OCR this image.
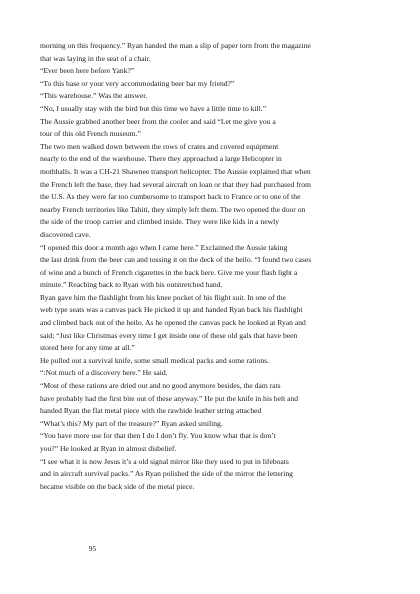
morning on this frequency.” Ryan handed the man a slip of paper torn from the magazine
that was laying in the seat of a chair.
“Ever been here before Yank?”
“To this base or your very accommodating beer bar my friend?”
“This warehouse.” Was the answer.
“No, I usually stay with the bird but this time we have a little time to kill.”
The Aussie grabbed another beer from the cooler and said “Let me give you a
tour of this old French museum.”
The two men walked down between the rows of crates and covered equipment
nearly to the end of the warehouse. There they approached a large Helicopter in
mothballs. It was a CH-21 Shawnee transport helicopter. The Aussie explained that when
the French left the base, they had several aircraft on loan or that they had purchased from
the U.S. As they were far too cumbersome to transport back to France or to one of the
nearby French territories like Tahiti, they simply left them. The two opened the door on
the side of the troop carrier and climbed inside. They were like kids in a newly
discovered cave.
“I opened this door a month ago when I came here.” Exclaimed the Aussie taking
the last drink from the beer can and tossing it on the deck of the heilo. “I found two cases
of wine and a bunch of French cigarettes in the back here. Give me your flash light a
minute.” Reaching back to Ryan with his outstretched hand.
Ryan gave him the flashlight from his knee pocket of his flight suit. In one of the
web type seats was a canvas pack He picked it up and handed Ryan back his flashlight
and climbed back out of the heilo. As he opened the canvas pack he looked at Ryan and
said; “Just like Christmas every time I get inside one of these old gals that have been
stored here for any time at all.”
He pulled out a survival knife, some small medical packs and some rations.
“:Not much of a discovery here.” He said.
“Most of these rations are dried out and no good anymore besides, the dam rats
have probably had the first bite out of these anyway.” He put the knife in his belt and
handed Ryan the flat metal piece with the rawhide leather string attached
“What’s this? My part of the treasure?” Ryan asked smiling.
“You have more use for that then I do I don’t fly. You know what that is don’t
you?” He looked at Ryan in almost disbelief.
“I see what it is now Jesus it’s a old signal mirror like they used to put in lifeboats
and in aircraft survival packs.” As Ryan polished the side of the mirror the lettering
became visible on the back side of the metal piece.
95
